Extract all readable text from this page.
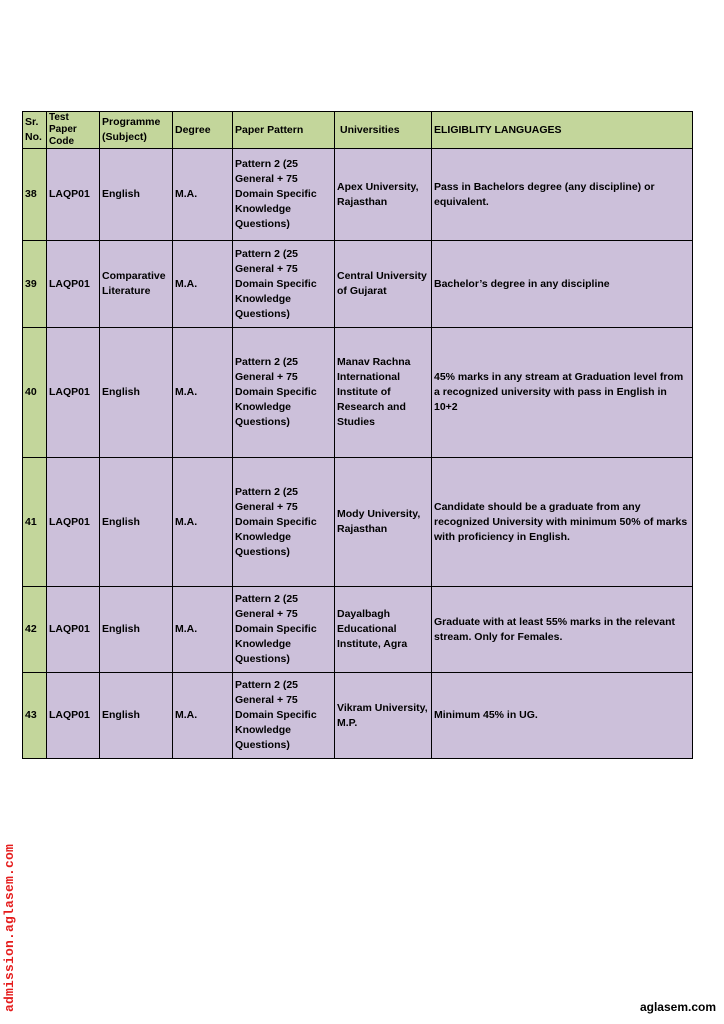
Sr. No.	Test Paper Code	Programme (Subject)	Degree	Paper Pattern	Universities	ELIGIBLITY LANGUAGES
38	LAQP01	English	M.A.	Pattern 2 (25 General + 75 Domain Specific Knowledge Questions)	Apex University, Rajasthan	Pass in Bachelors degree (any discipline) or equivalent.
39	LAQP01	Comparative Literature	M.A.	Pattern 2 (25 General + 75 Domain Specific Knowledge Questions)	Central University of Gujarat	Bachelor’s degree in any discipline
40	LAQP01	English	M.A.	Pattern 2 (25 General + 75 Domain Specific Knowledge Questions)	Manav Rachna International Institute of Research and Studies	45% marks in any stream at Graduation level from a recognized university with pass in English in 10+2
41	LAQP01	English	M.A.	Pattern 2 (25 General + 75 Domain Specific Knowledge Questions)	Mody University, Rajasthan	Candidate should be a graduate from any recognized University with minimum 50% of marks with proficiency in English.
42	LAQP01	English	M.A.	Pattern 2 (25 General + 75 Domain Specific Knowledge Questions)	Dayalbagh Educational Institute, Agra	Graduate with at least 55% marks in the relevant stream. Only for Females.
43	LAQP01	English	M.A.	Pattern 2 (25 General + 75 Domain Specific Knowledge Questions)	Vikram University, M.P.	Minimum 45% in UG.
admission.aglasem.com	aglasem.com
